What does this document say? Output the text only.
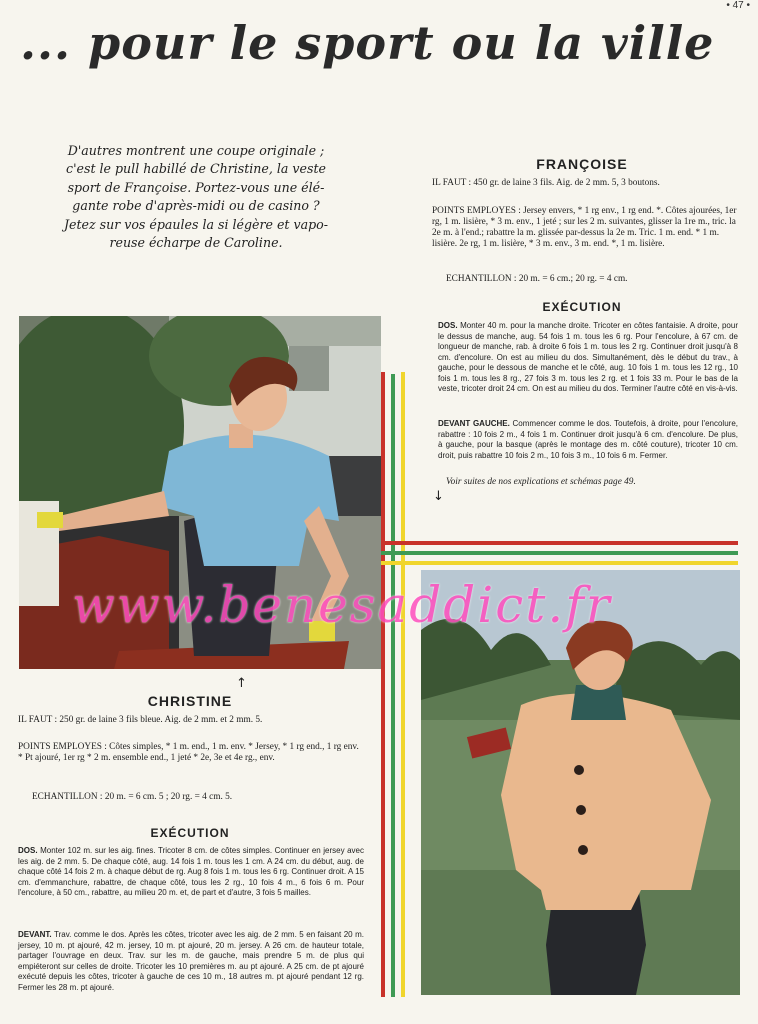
• 47 •
... pour le sport ou la ville
D'autres montrent une coupe originale ;
c'est le pull habillé de Christine, la veste
sport de Françoise. Portez-vous une élé-
gante robe d'après-midi ou de casino ?
Jetez sur vos épaules la si légère et vapo-
reuse écharpe de Caroline.
FRANÇOISE
IL FAUT : 450 gr. de laine 3 fils. Aig. de 2 mm. 5, 3 boutons.
POINTS EMPLOYES : Jersey envers, * 1 rg env., 1 rg end. *. Côtes ajourées, 1er rg, 1 m. lisière, * 3 m. env., 1 jeté ; sur les 2 m. suivantes, glisser la 1re m., tric. la 2e m. à l'end.; rabattre la m. glissée par-dessus la 2e m. Tric. 1 m. end. * 1 m. lisière. 2e rg, 1 m. lisière, * 3 m. env., 3 m. end. *, 1 m. lisière.
ECHANTILLON : 20 m. = 6 cm.; 20 rg. = 4 cm.
EXÉCUTION
DOS. Monter 40 m. pour la manche droite. Tricoter en côtes fantaisie. A droite, pour le dessus de manche, aug. 54 fois 1 m. tous les 6 rg. Pour l'encolure, à 67 cm. de longueur de manche, rab. à droite 6 fois 1 m. tous les 2 rg. Continuer droit jusqu'à 8 cm. d'encolure. On est au milieu du dos. Simultanément, dès le début du trav., à gauche, pour le dessous de manche et le côté, aug. 10 fois 1 m. tous les 12 rg., 10 fois 1 m. tous les 8 rg., 27 fois 3 m. tous les 2 rg. et 1 fois 33 m. Pour le bas de la veste, tricoter droit 24 cm. On est au milieu du dos. Terminer l'autre côté en vis-à-vis.
DEVANT GAUCHE. Commencer comme le dos. Toutefois, à droite, pour l'encolure, rabattre : 10 fois 2 m., 4 fois 1 m. Continuer droit jusqu'à 6 cm. d'encolure. De plus, à gauche, pour la basque (après le montage des m. côté couture), tricoter 10 cm. droit, puis rabattre 10 fois 2 m., 10 fois 3 m., 10 fois 6 m. Fermer.
Voir suites de nos explications et schémas page 49.
↓
↑
CHRISTINE
IL FAUT : 250 gr. de laine 3 fils bleue. Aig. de 2 mm. et 2 mm. 5.
POINTS EMPLOYES : Côtes simples, * 1 m. end., 1 m. env. * Jersey, * 1 rg end., 1 rg env. * Pt ajouré, 1er rg * 2 m. ensemble end., 1 jeté * 2e, 3e et 4e rg., env.
ECHANTILLON : 20 m. = 6 cm. 5 ; 20 rg. = 4 cm. 5.
EXÉCUTION
DOS. Monter 102 m. sur les aig. fines. Tricoter 8 cm. de côtes simples. Continuer en jersey avec les aig. de 2 mm. 5. De chaque côté, aug. 14 fois 1 m. tous les 1 cm. A 24 cm. du début, aug. de chaque côté 14 fois 2 m. à chaque début de rg. Aug 8 fois 1 m. tous les 6 rg. Continuer droit. A 15 cm. d'emmanchure, rabattre, de chaque côté, tous les 2 rg., 10 fois 4 m., 6 fois 6 m. Pour l'encolure, à 50 cm., rabattre, au milieu 20 m. et, de part et d'autre, 3 fois 5 mailles.
DEVANT. Trav. comme le dos. Après les côtes, tricoter avec les aig. de 2 mm. 5 en faisant 20 m. jersey, 10 m. pt ajouré, 42 m. jersey, 10 m. pt ajouré, 20 m. jersey. A 26 cm. de hauteur totale, partager l'ouvrage en deux. Trav. sur les m. de gauche, mais prendre 5 m. de plus qui empiéteront sur celles de droite. Tricoter les 10 premières m. au pt ajouré. A 25 cm. de pt ajouré exécuté depuis les côtes, tricoter à gauche de ces 10 m., 18 autres m. pt ajouré pendant 12 rg. Fermer les 28 m. pt ajouré.
www.benesaddict.fr
